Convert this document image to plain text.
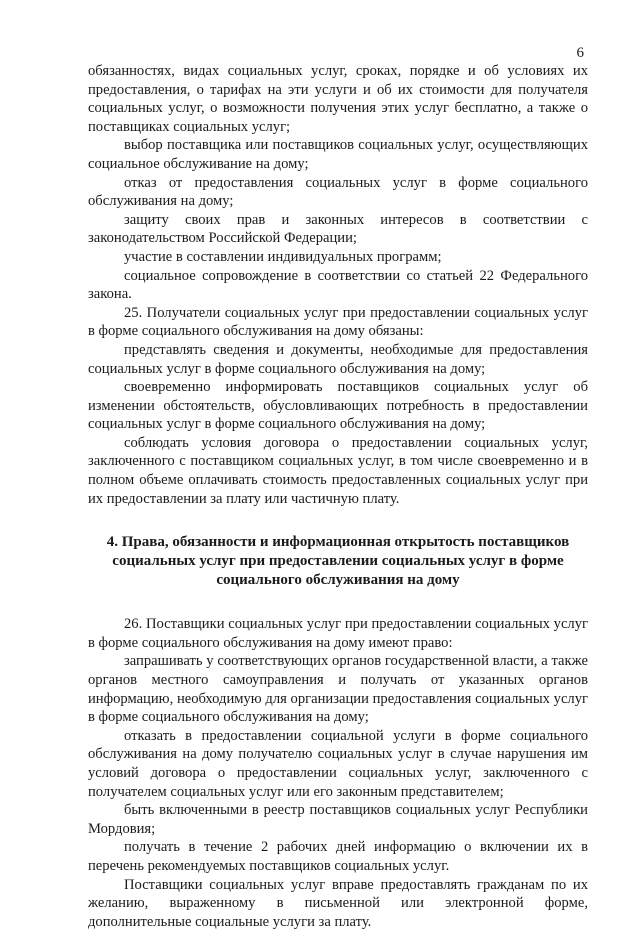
6

обязанностях, видах социальных услуг, сроках, порядке и об условиях их предоставления, о тарифах на эти услуги и об их стоимости для получателя социальных услуг, о возможности получения этих услуг бесплатно, а также о поставщиках социальных услуг;

выбор поставщика или поставщиков социальных услуг, осуществляющих социальное обслуживание на дому;

отказ от предоставления социальных услуг в форме социального обслуживания на дому;

защиту своих прав и законных интересов в соответствии с законодательством Российской Федерации;

участие в составлении индивидуальных программ;

социальное сопровождение в соответствии со статьей 22 Федерального закона.

25. Получатели социальных услуг при предоставлении социальных услуг в форме социального обслуживания на дому обязаны:

представлять сведения и документы, необходимые для предоставления социальных услуг в форме социального обслуживания на дому;

своевременно информировать поставщиков социальных услуг об изменении обстоятельств, обусловливающих потребность в предоставлении социальных услуг в форме социального обслуживания на дому;

соблюдать условия договора о предоставлении социальных услуг, заключенного с поставщиком социальных услуг, в том числе своевременно и в полном объеме оплачивать стоимость предоставленных социальных услуг при их предоставлении за плату или частичную плату.

4. Права, обязанности и информационная открытость поставщиков социальных услуг при предоставлении социальных услуг в форме социального обслуживания на дому

26. Поставщики социальных услуг при предоставлении социальных услуг в форме социального обслуживания на дому имеют право:

запрашивать у соответствующих органов государственной власти, а также органов местного самоуправления и получать от указанных органов информацию, необходимую для организации предоставления социальных услуг в форме социального обслуживания на дому;

отказать в предоставлении социальной услуги в форме социального обслуживания на дому получателю социальных услуг в случае нарушения им условий договора о предоставлении социальных услуг, заключенного с получателем социальных услуг или его законным представителем;

быть включенными в реестр поставщиков социальных услуг Республики Мордовия;

получать в течение 2 рабочих дней информацию о включении их в перечень рекомендуемых поставщиков социальных услуг.

Поставщики социальных услуг вправе предоставлять гражданам по их желанию, выраженному в письменной или электронной форме, дополнительные социальные услуги за плату.
